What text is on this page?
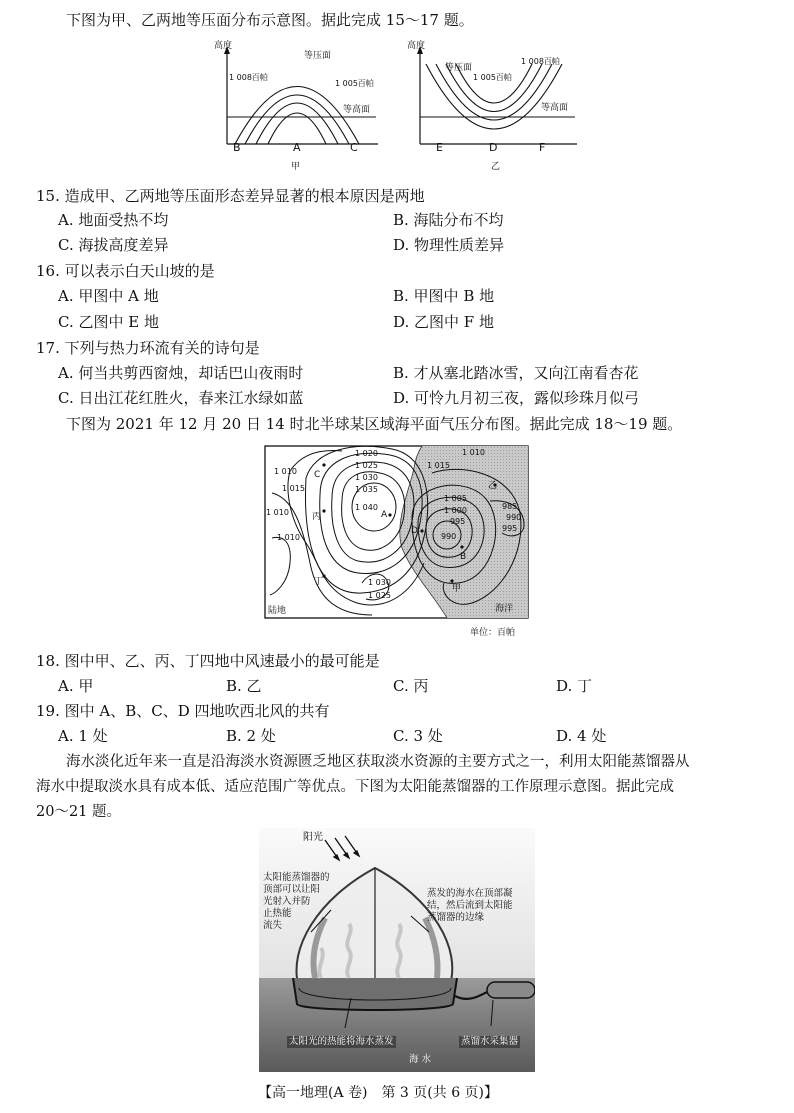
下图为甲、乙两地等压面分布示意图。据此完成 15～17 题。
高度
1 008百帕
1 005百帕
等压面
等高面
B	A	C
甲
高度
1 008百帕
1 005百帕
等压面
等高面
E	D	F
乙
15. 造成甲、乙两地等压面形态差异显著的根本原因是两地
A. 地面受热不均	B. 海陆分布不均
C. 海拔高度差异	D. 物理性质差异
16. 可以表示白天山坡的是
A. 甲图中 A 地	B. 甲图中 B 地
C. 乙图中 E 地	D. 乙图中 F 地
17. 下列与热力环流有关的诗句是
A. 何当共剪西窗烛，却话巴山夜雨时	B. 才从塞北踏冰雪，又向江南看杏花
C. 日出江花红胜火，春来江水绿如蓝	D. 可怜九月初三夜，露似珍珠月似弓
下图为 2021 年 12 月 20 日 14 时北半球某区域海平面气压分布图。据此完成 18～19 题。
1 020
1 025
1 030
1 035
1 040
1 010
1 010
1 015
1 010
1 030
1 025
1 015
1 010
1 005
1 000
995
990
985
990
995
C
丙	A
D
B
丁
甲
乙
陆地	海洋
单位：百帕
18. 图中甲、乙、丙、丁四地中风速最小的最可能是
A. 甲	B. 乙	C. 丙	D. 丁
19. 图中 A、B、C、D 四地吹西北风的共有
A. 1 处	B. 2 处	C. 3 处	D. 4 处
海水淡化近年来一直是沿海淡水资源匮乏地区获取淡水资源的主要方式之一，利用太阳能蒸馏器从
海水中提取淡水具有成本低、适应范围广等优点。下图为太阳能蒸馏器的工作原理示意图。据此完成
20～21 题。
阳光
太阳能蒸馏器的
顶部可以让阳
光射入并防
止热能
流失
蒸发的海水在顶部凝
结，然后流到太阳能
蒸馏器的边缘
太阳光的热能将海水蒸发	蒸馏水采集器
海 水
【高一地理(A 卷)　第 3 页(共 6 页)】
